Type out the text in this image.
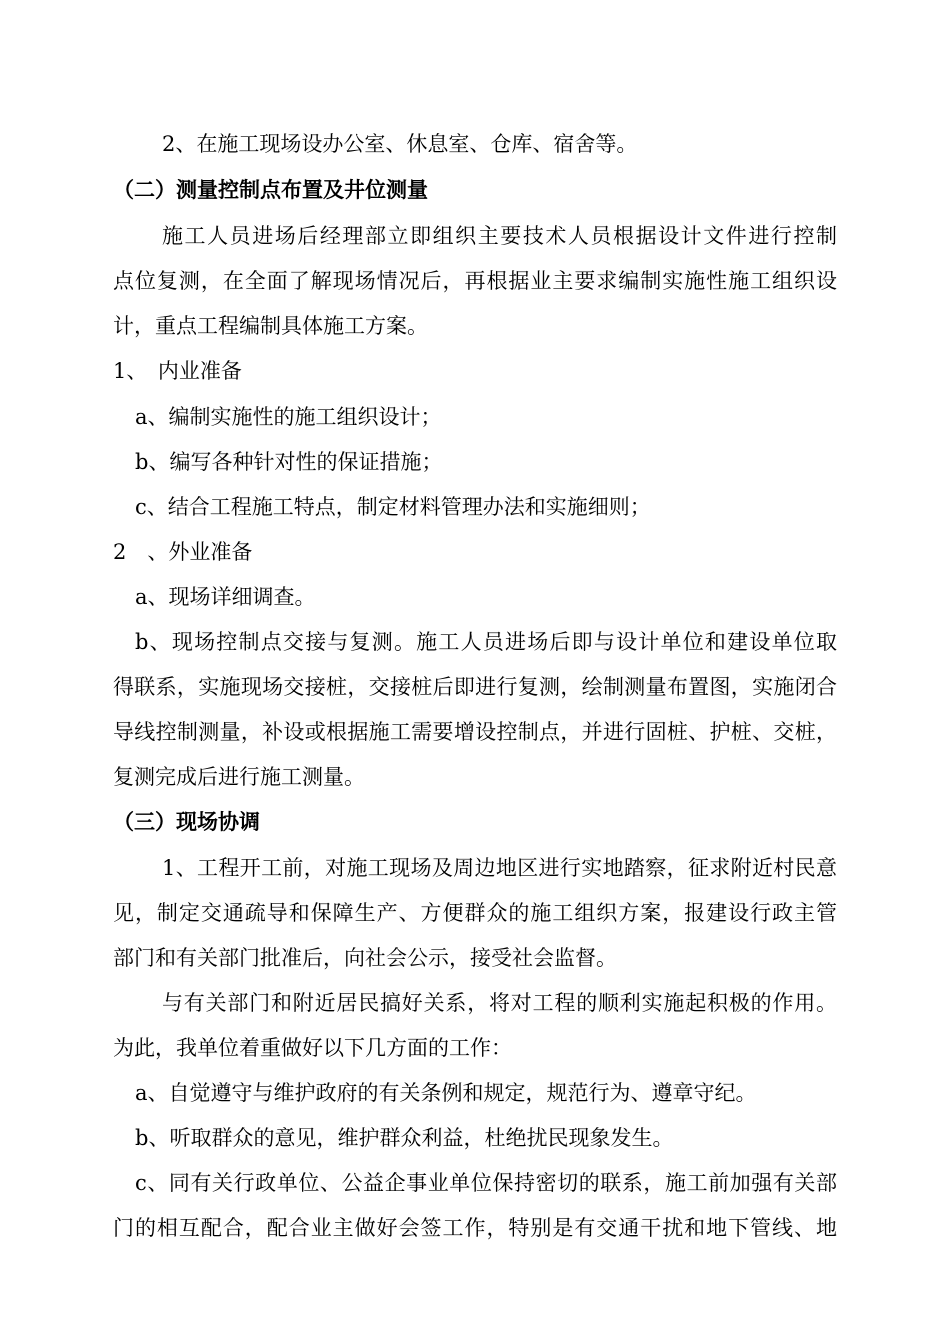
2、在施工现场设办公室、休息室、仓库、宿舍等。

（二）测量控制点布置及井位测量

施工人员进场后经理部立即组织主要技术人员根据设计文件进行控制

点位复测，在全面了解现场情况后，再根据业主要求编制实施性施工组织设

计，重点工程编制具体施工方案。

1、　内业准备

a、编制实施性的施工组织设计；

b、编写各种针对性的保证措施；

c、结合工程施工特点，制定材料管理办法和实施细则；

2　、外业准备

a、现场详细调查。

b、现场控制点交接与复测。施工人员进场后即与设计单位和建设单位取

得联系，实施现场交接桩，交接桩后即进行复测，绘制测量布置图，实施闭合

导线控制测量，补设或根据施工需要增设控制点，并进行固桩、护桩、交桩，

复测完成后进行施工测量。

（三）现场协调

1、工程开工前，对施工现场及周边地区进行实地踏察，征求附近村民意

见，制定交通疏导和保障生产、方便群众的施工组织方案，报建设行政主管

部门和有关部门批准后，向社会公示，接受社会监督。

与有关部门和附近居民搞好关系，将对工程的顺利实施起积极的作用。

为此，我单位着重做好以下几方面的工作：

a、自觉遵守与维护政府的有关条例和规定，规范行为、遵章守纪。

b、听取群众的意见，维护群众利益，杜绝扰民现象发生。

c、同有关行政单位、公益企事业单位保持密切的联系，施工前加强有关部

门的相互配合，配合业主做好会签工作，特别是有交通干扰和地下管线、地
